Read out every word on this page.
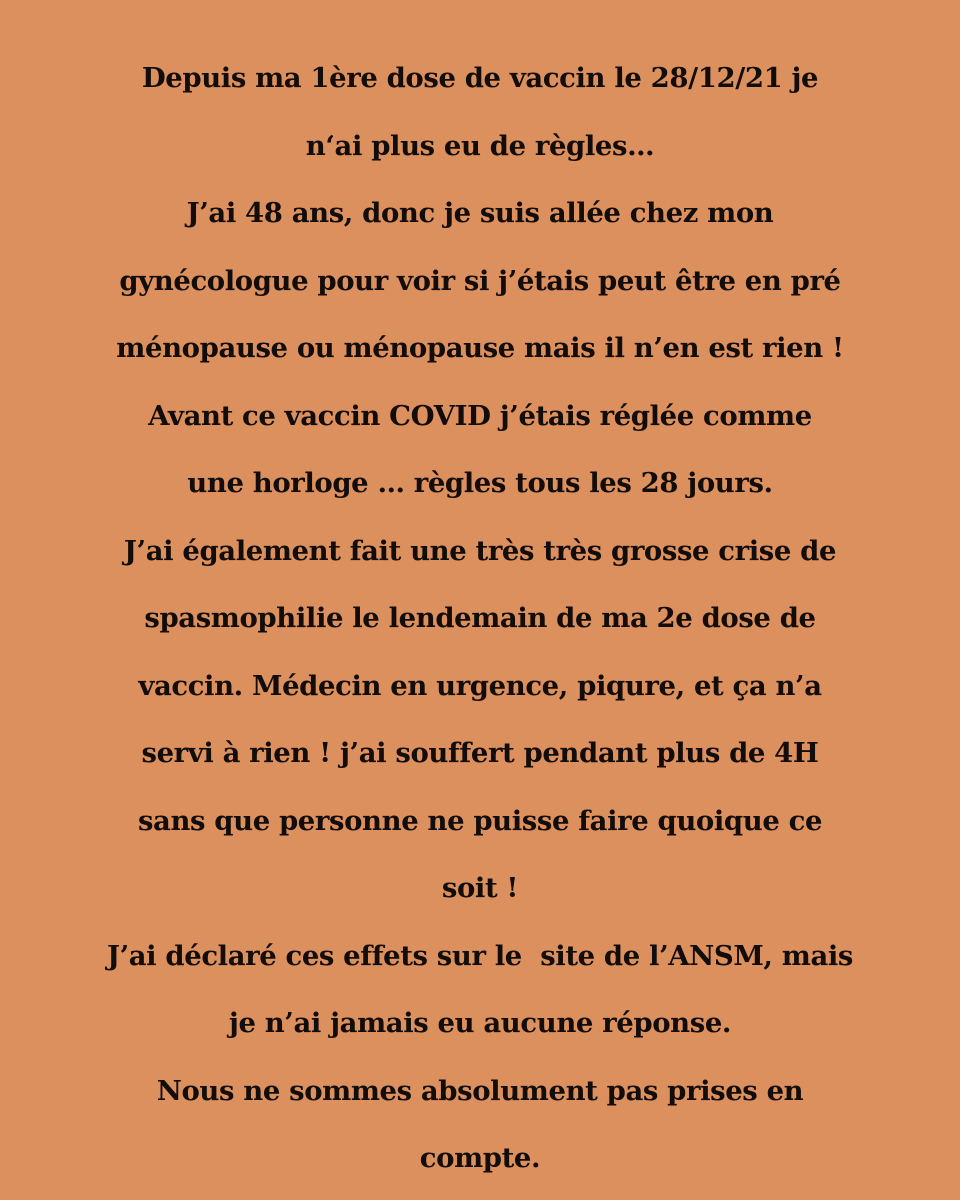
Depuis ma 1ère dose de vaccin le 28/12/21 je
n‘ai plus eu de règles…
J’ai 48 ans, donc je suis allée chez mon
gynécologue pour voir si j’étais peut être en pré
ménopause ou ménopause mais il n’en est rien !
Avant ce vaccin COVID j’étais réglée comme
une horloge … règles tous les 28 jours.
J’ai également fait une très très grosse crise de
spasmophilie le lendemain de ma 2e dose de
vaccin. Médecin en urgence, piqure, et ça n’a
servi à rien ! j’ai souffert pendant plus de 4H
sans que personne ne puisse faire quoique ce
soit !
J’ai déclaré ces effets sur le  site de l’ANSM, mais
je n’ai jamais eu aucune réponse.
Nous ne sommes absolument pas prises en
compte.
